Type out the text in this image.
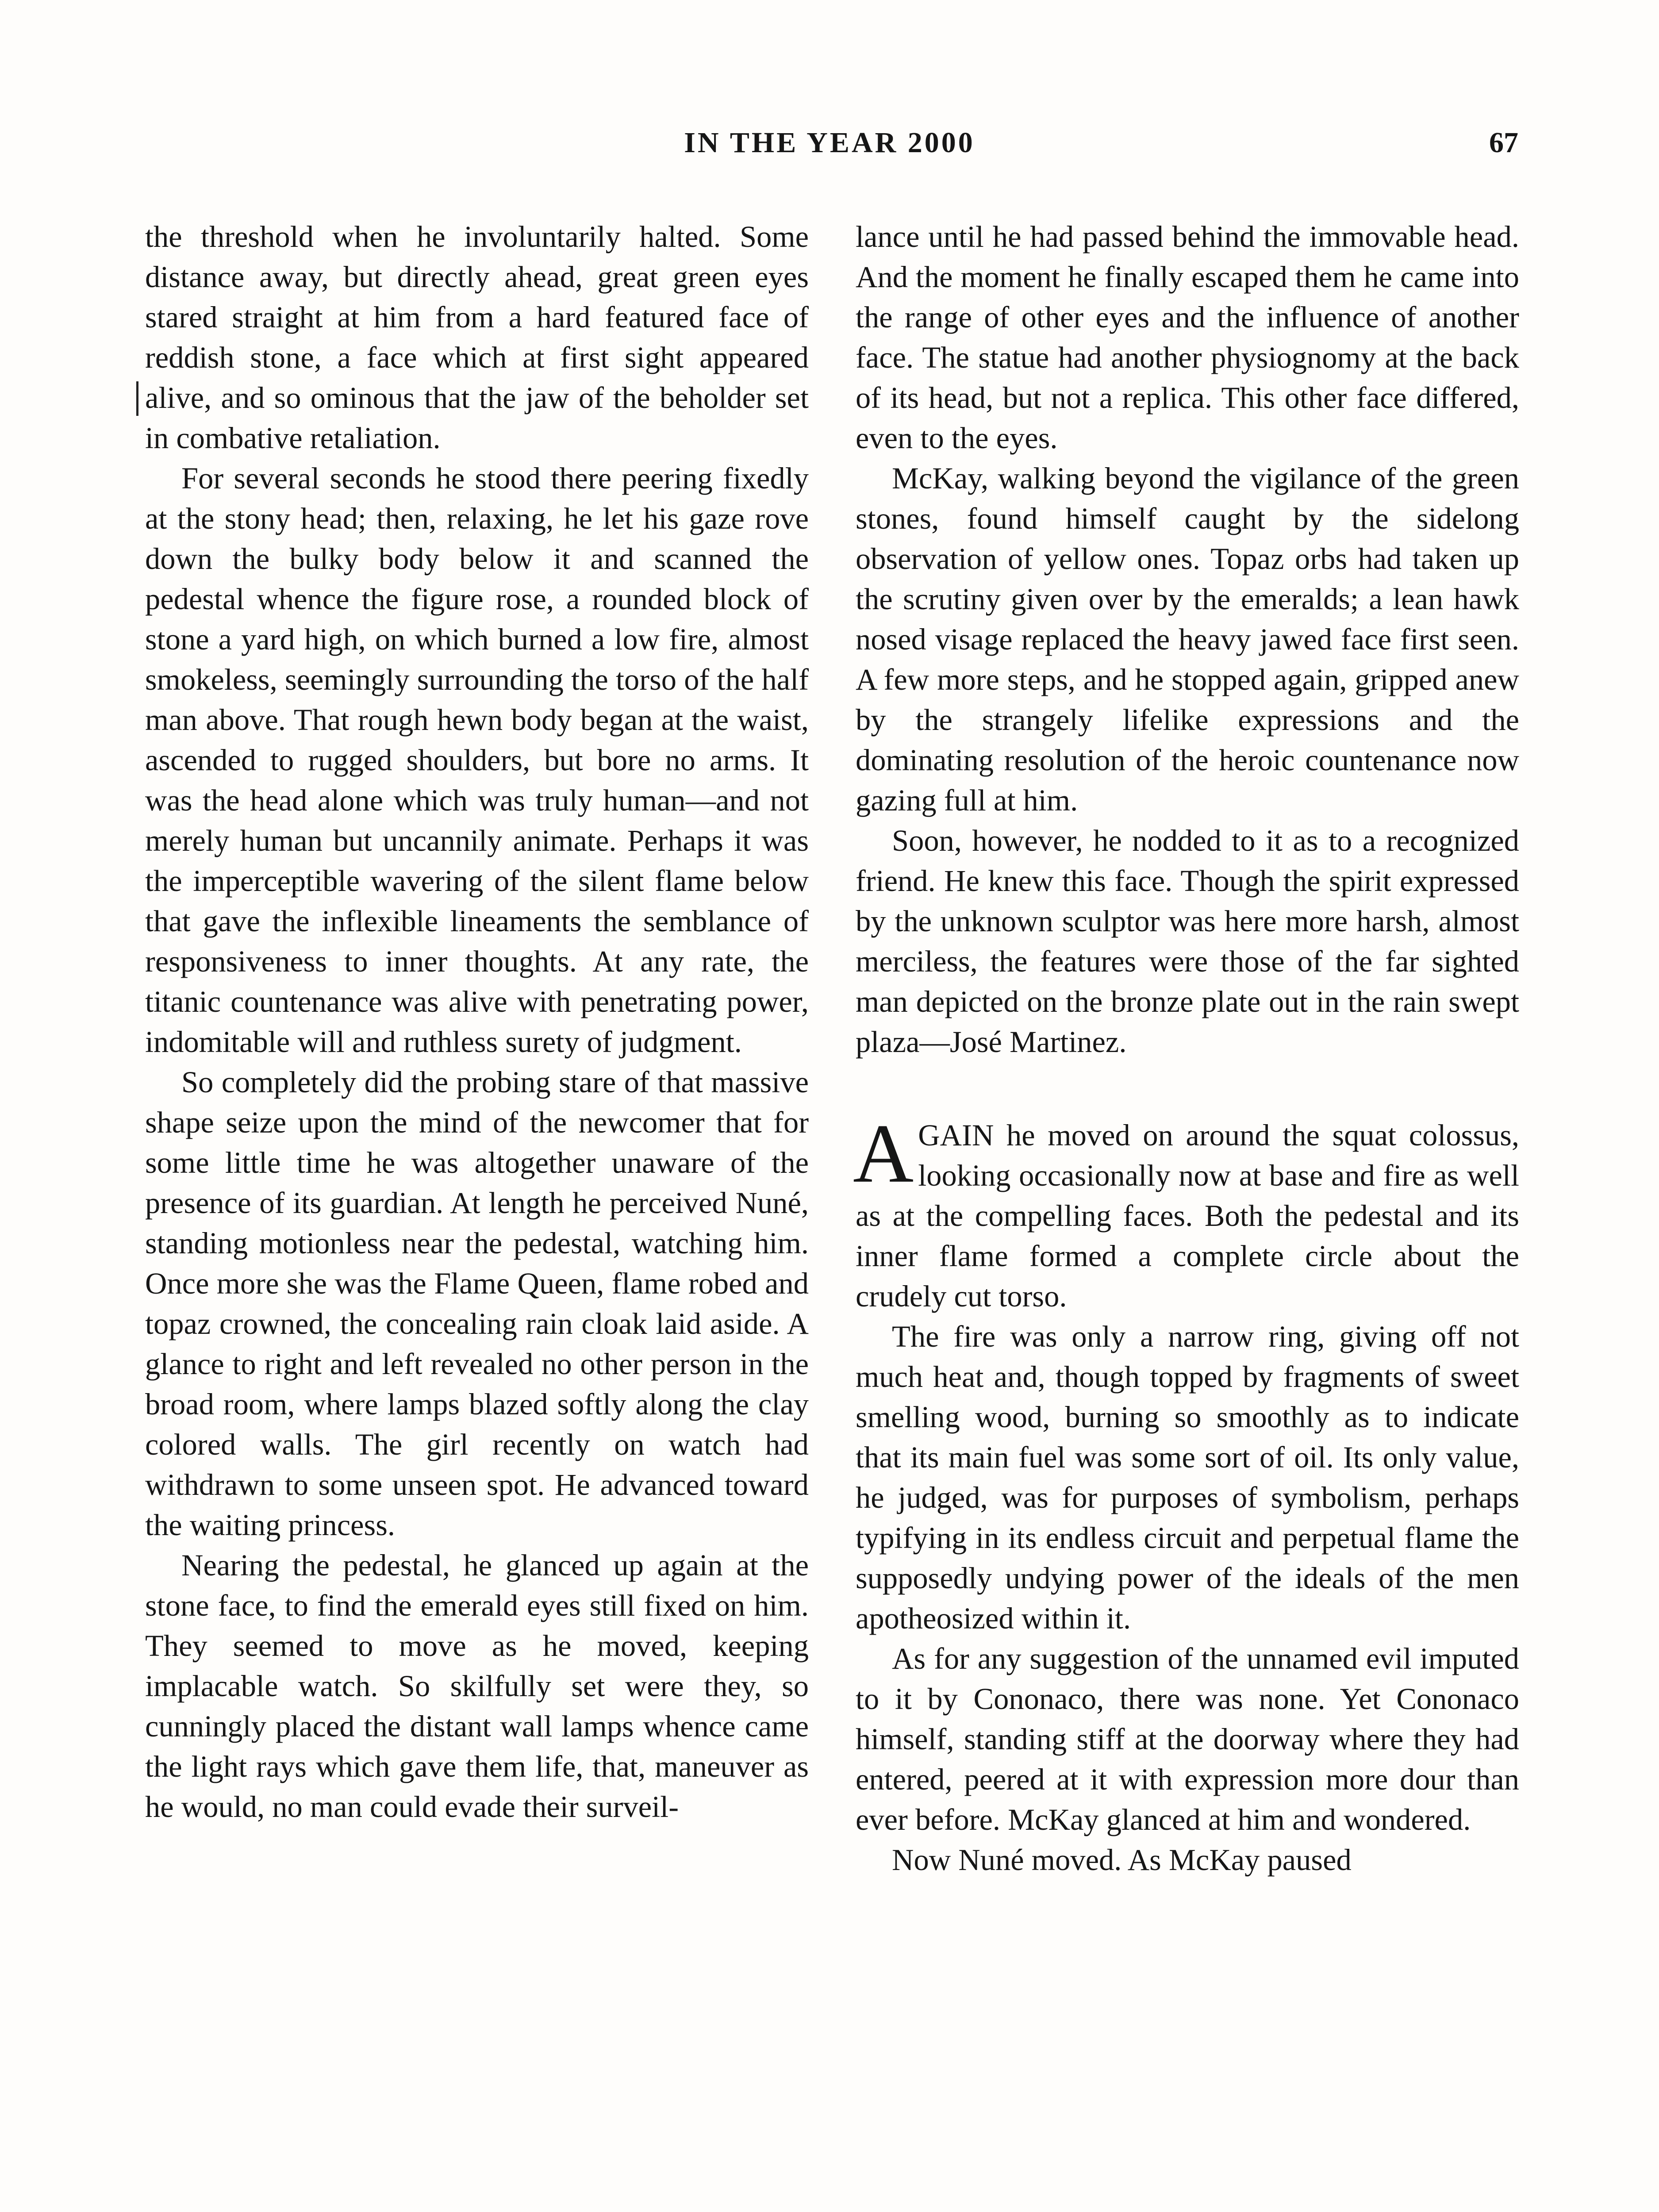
IN THE YEAR 2000	67

the threshold when he involuntarily halted. Some distance away, but directly ahead, great green eyes stared straight at him from a hard featured face of reddish stone, a face which at first sight appeared alive, and so ominous that the jaw of the beholder set in combative retaliation.

For several seconds he stood there peering fixedly at the stony head; then, relaxing, he let his gaze rove down the bulky body below it and scanned the pedestal whence the figure rose, a rounded block of stone a yard high, on which burned a low fire, almost smokeless, seemingly surrounding the torso of the half man above. That rough hewn body began at the waist, ascended to rugged shoulders, but bore no arms. It was the head alone which was truly human—and not merely human but uncannily animate. Perhaps it was the imperceptible wavering of the silent flame below that gave the inflexible lineaments the semblance of responsiveness to inner thoughts. At any rate, the titanic countenance was alive with penetrating power, indomitable will and ruthless surety of judgment.

So completely did the probing stare of that massive shape seize upon the mind of the newcomer that for some little time he was altogether unaware of the presence of its guardian. At length he perceived Nuné, standing motionless near the pedestal, watching him. Once more she was the Flame Queen, flame robed and topaz crowned, the concealing rain cloak laid aside. A glance to right and left revealed no other person in the broad room, where lamps blazed softly along the clay colored walls. The girl recently on watch had withdrawn to some unseen spot. He advanced toward the waiting princess.

Nearing the pedestal, he glanced up again at the stone face, to find the emerald eyes still fixed on him. They seemed to move as he moved, keeping implacable watch. So skilfully set were they, so cunningly placed the distant wall lamps whence came the light rays which gave them life, that, maneuver as he would, no man could evade their surveil-

lance until he had passed behind the immovable head. And the moment he finally escaped them he came into the range of other eyes and the influence of another face. The statue had another physiognomy at the back of its head, but not a replica. This other face differed, even to the eyes.

McKay, walking beyond the vigilance of the green stones, found himself caught by the sidelong observation of yellow ones. Topaz orbs had taken up the scrutiny given over by the emeralds; a lean hawk nosed visage replaced the heavy jawed face first seen. A few more steps, and he stopped again, gripped anew by the strangely lifelike expressions and the dominating resolution of the heroic countenance now gazing full at him.

Soon, however, he nodded to it as to a recognized friend. He knew this face. Though the spirit expressed by the unknown sculptor was here more harsh, almost merciless, the features were those of the far sighted man depicted on the bronze plate out in the rain swept plaza—José Martinez.

AGAIN he moved on around the squat colossus, looking occasionally now at base and fire as well as at the compelling faces. Both the pedestal and its inner flame formed a complete circle about the crudely cut torso.

The fire was only a narrow ring, giving off not much heat and, though topped by fragments of sweet smelling wood, burning so smoothly as to indicate that its main fuel was some sort of oil. Its only value, he judged, was for purposes of symbolism, perhaps typifying in its endless circuit and perpetual flame the supposedly undying power of the ideals of the men apotheosized within it.

As for any suggestion of the unnamed evil imputed to it by Cononaco, there was none. Yet Cononaco himself, standing stiff at the doorway where they had entered, peered at it with expression more dour than ever before. McKay glanced at him and wondered.

Now Nuné moved. As McKay paused
